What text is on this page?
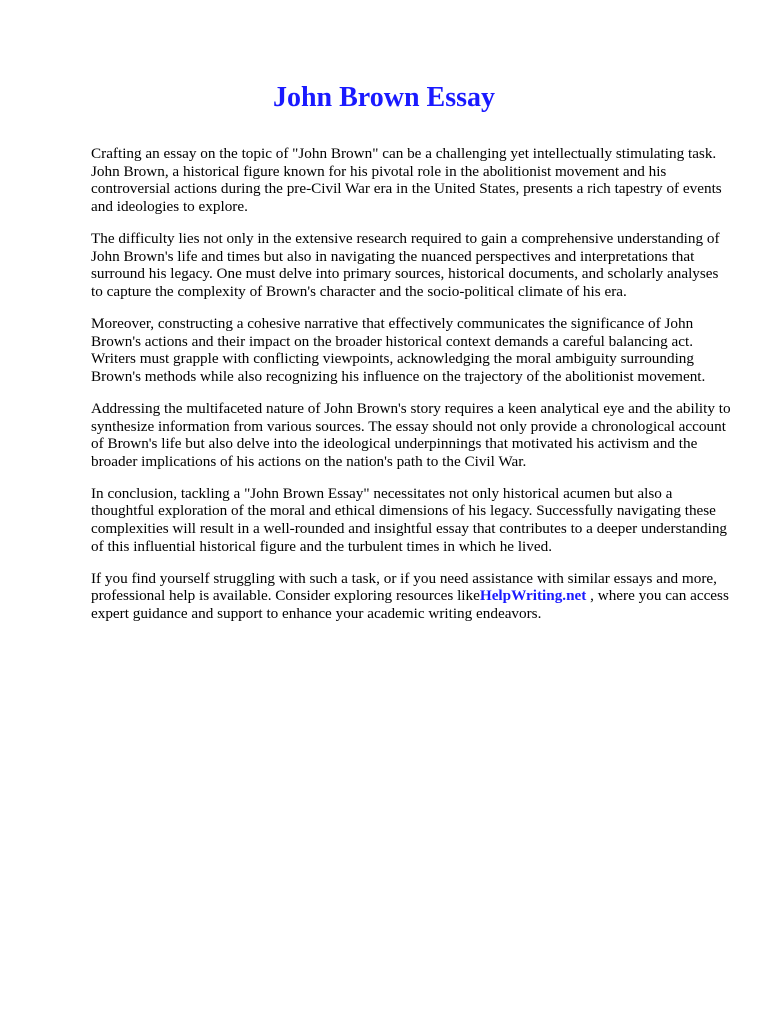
John Brown Essay

Crafting an essay on the topic of "John Brown" can be a challenging yet intellectually stimulating task. John Brown, a historical figure known for his pivotal role in the abolitionist movement and his controversial actions during the pre-Civil War era in the United States, presents a rich tapestry of events and ideologies to explore.

The difficulty lies not only in the extensive research required to gain a comprehensive understanding of John Brown's life and times but also in navigating the nuanced perspectives and interpretations that surround his legacy. One must delve into primary sources, historical documents, and scholarly analyses to capture the complexity of Brown's character and the socio-political climate of his era.

Moreover, constructing a cohesive narrative that effectively communicates the significance of John Brown's actions and their impact on the broader historical context demands a careful balancing act. Writers must grapple with conflicting viewpoints, acknowledging the moral ambiguity surrounding Brown's methods while also recognizing his influence on the trajectory of the abolitionist movement.

Addressing the multifaceted nature of John Brown's story requires a keen analytical eye and the ability to synthesize information from various sources. The essay should not only provide a chronological account of Brown's life but also delve into the ideological underpinnings that motivated his activism and the broader implications of his actions on the nation's path to the Civil War.

In conclusion, tackling a "John Brown Essay" necessitates not only historical acumen but also a thoughtful exploration of the moral and ethical dimensions of his legacy. Successfully navigating these complexities will result in a well-rounded and insightful essay that contributes to a deeper understanding of this influential historical figure and the turbulent times in which he lived.

If you find yourself struggling with such a task, or if you need assistance with similar essays and more, professional help is available. Consider exploring resources likeHelpWriting.net , where you can access expert guidance and support to enhance your academic writing endeavors.
